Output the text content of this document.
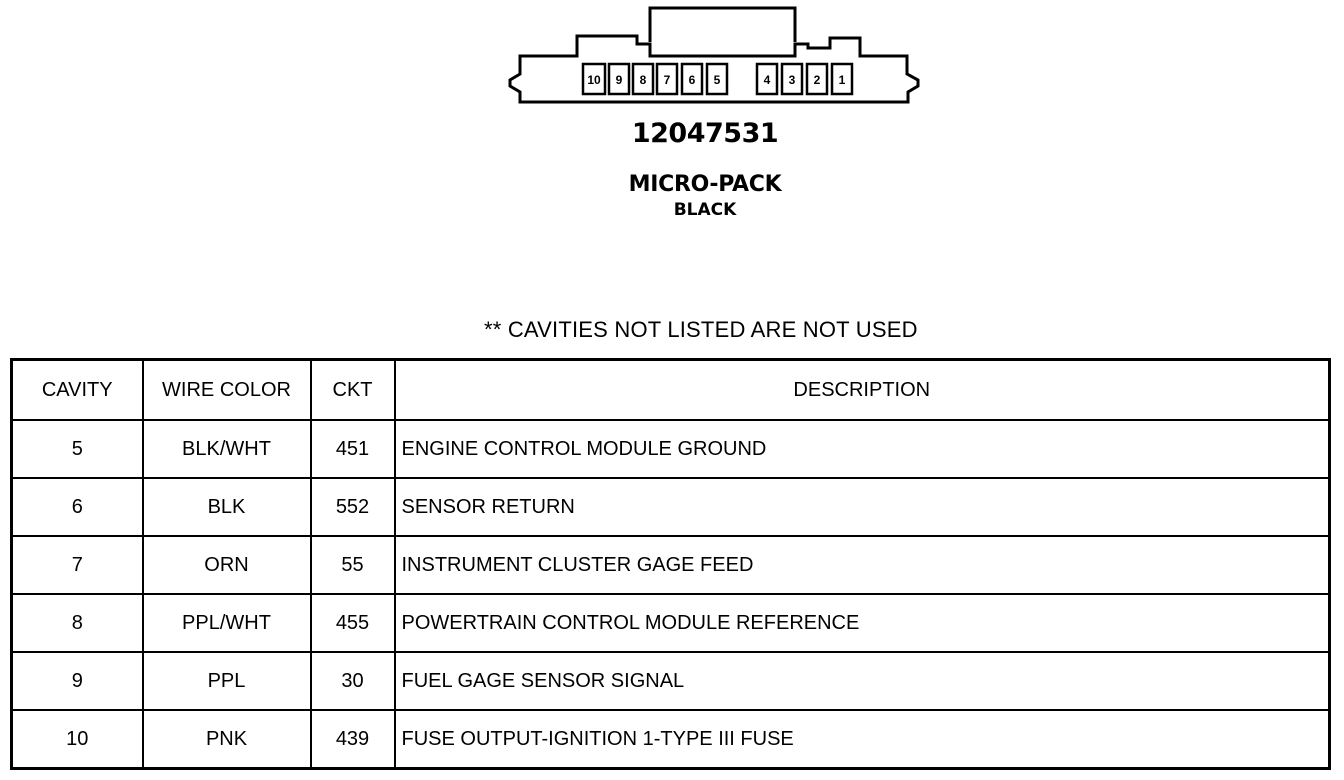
10 9 8 7 6 5	4 3 2 1
12047531
MICRO-PACK
BLACK
** CAVITIES NOT LISTED ARE NOT USED
CAVITY	WIRE COLOR	CKT	DESCRIPTION
5	BLK/WHT	451	ENGINE CONTROL MODULE GROUND
6	BLK	552	SENSOR RETURN
7	ORN	55	INSTRUMENT CLUSTER GAGE FEED
8	PPL/WHT	455	POWERTRAIN CONTROL MODULE REFERENCE
9	PPL	30	FUEL GAGE SENSOR SIGNAL
10	PNK	439	FUSE OUTPUT-IGNITION 1-TYPE III FUSE
